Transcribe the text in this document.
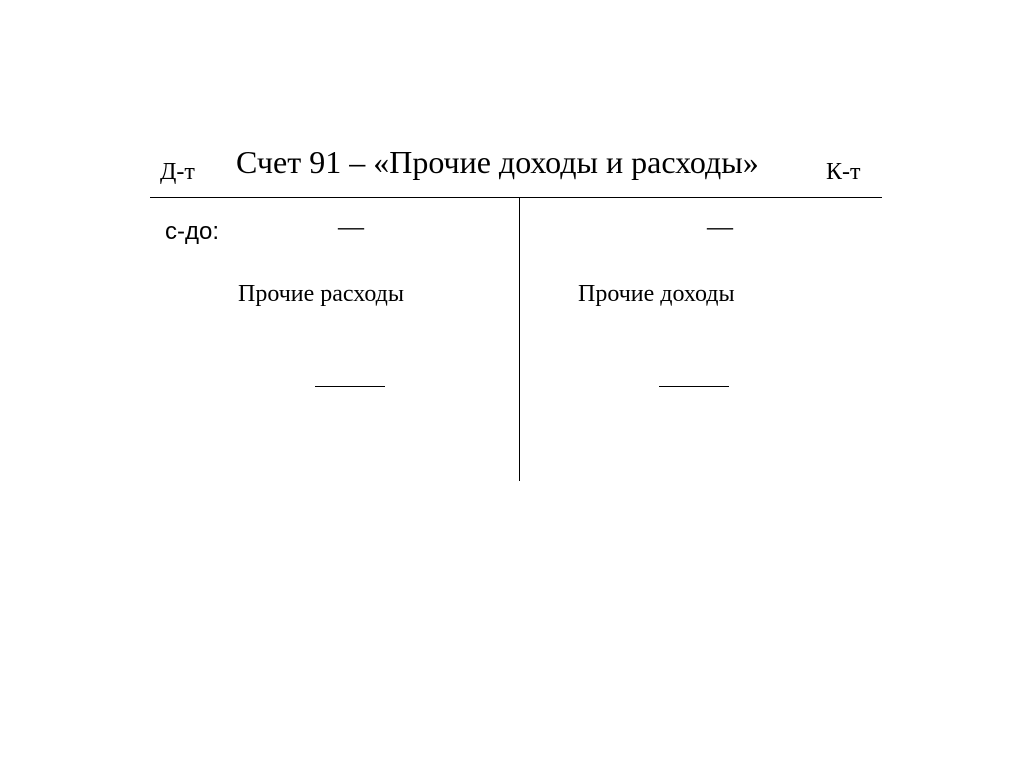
Д-т Счет 91 – «Прочие доходы и расходы»	К-т
с-до:	—	—
Прочие расходы	Прочие доходы
